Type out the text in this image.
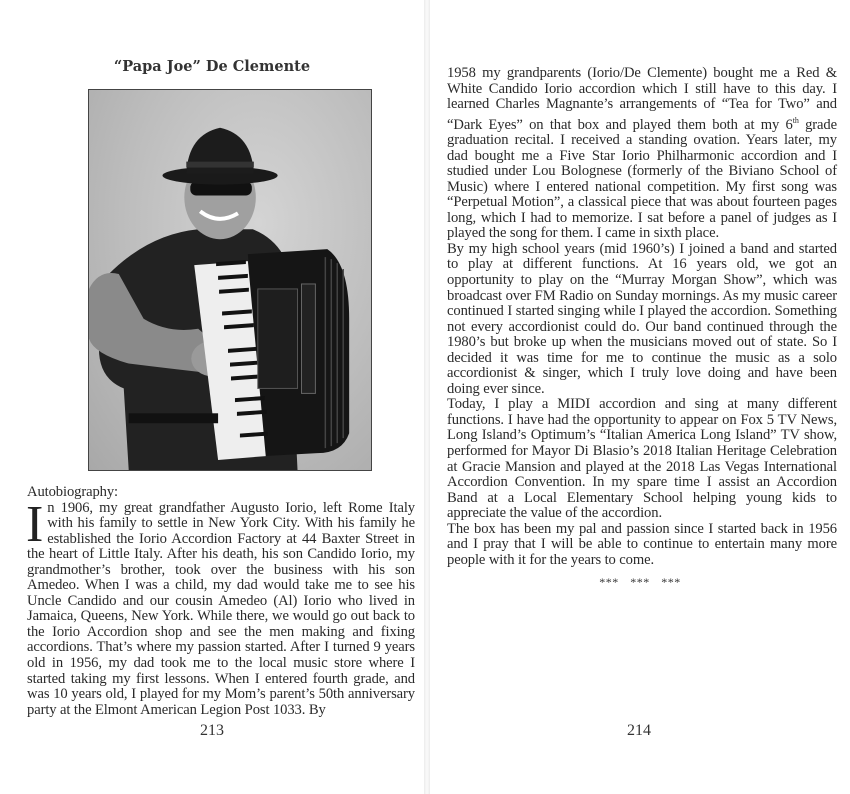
“Papa Joe” De Clemente
Autobiography:
I n 1906, my great grandfather Augusto Iorio, left Rome Italy with his family to settle in New York City. With his family he established the Iorio Accordion Factory at 44 Baxter Street in the heart of Little Italy. After his death, his son Candido Iorio, my grandmother’s brother, took over the business with his son Amedeo. When I was a child, my dad would take me to see his Uncle Candido and our cousin Amedeo (Al) Iorio who lived in Jamaica, Queens, New York. While there, we would go out back to the Iorio Accordion shop and see the men making and fixing accordions. That’s where my passion started. After I turned 9 years old in 1956, my dad took me to the local music store where I started taking my first lessons. When I entered fourth grade, and was 10 years old, I played for my Mom’s parent’s 50th anniversary party at the Elmont American Legion Post 1033. By
213

1958 my grandparents (Iorio/De Clemente) bought me a Red & White Candido Iorio accordion which I still have to this day. I learned Charles Magnante’s arrangements of “Tea for Two” and “Dark Eyes” on that box and played them both at my 6th grade graduation recital. I received a standing ovation. Years later, my dad bought me a Five Star Iorio Philharmonic accordion and I studied under Lou Bolognese (formerly of the Biviano School of Music) where I entered national competition. My first song was “Perpetual Motion”, a classical piece that was about fourteen pages long, which I had to memorize. I sat before a panel of judges as I played the song for them. I came in sixth place.

By my high school years (mid 1960’s) I joined a band and started to play at different functions. At 16 years old, we got an opportunity to play on the “Murray Morgan Show”, which was broadcast over FM Radio on Sunday mornings. As my music career continued I started singing while I played the accordion. Something not every accordionist could do. Our band continued through the 1980’s but broke up when the musicians moved out of state. So I decided it was time for me to continue the music as a solo accordionist & singer, which I truly love doing and have been doing ever since.

Today, I play a MIDI accordion and sing at many different functions. I have had the opportunity to appear on Fox 5 TV News, Long Island’s Optimum’s “Italian America Long Island” TV show, performed for Mayor Di Blasio’s 2018 Italian Heritage Celebration at Gracie Mansion and played at the 2018 Las Vegas International Accordion Convention. In my spare time I assist an Accordion Band at a Local Elementary School helping young kids to appreciate the value of the accordion.

The box has been my pal and passion since I started back in 1956 and I pray that I will be able to continue to entertain many more people with it for the years to come.

*** *** ***
214
